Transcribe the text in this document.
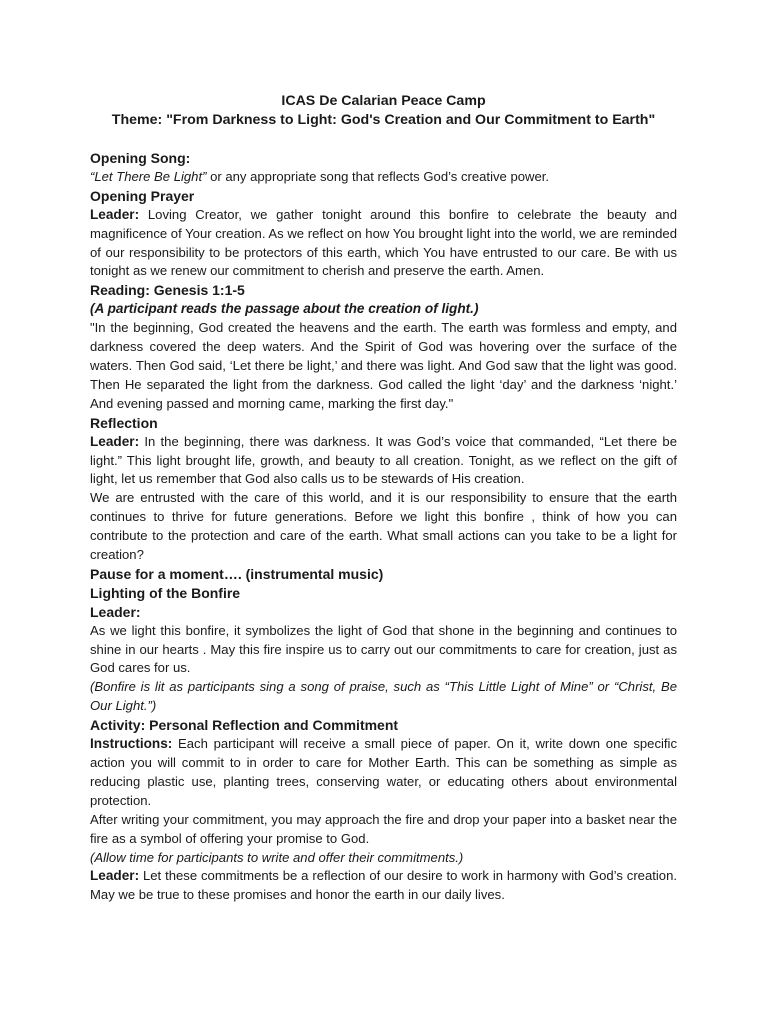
ICAS De Calarian Peace Camp
Theme: "From Darkness to Light: God's Creation and Our Commitment to Earth"

Opening Song:

“Let There Be Light” or any appropriate song that reflects God’s creative power.

Opening Prayer

Leader: Loving Creator, we gather tonight around this bonfire to celebrate the beauty and magnificence of Your creation. As we reflect on how You brought light into the world, we are reminded of our responsibility to be protectors of this earth, which You have entrusted to our care. Be with us tonight as we renew our commitment to cherish and preserve the earth. Amen.

Reading: Genesis 1:1-5

(A participant reads the passage about the creation of light.)

"In the beginning, God created the heavens and the earth. The earth was formless and empty, and darkness covered the deep waters. And the Spirit of God was hovering over the surface of the waters. Then God said, ‘Let there be light,’ and there was light. And God saw that the light was good. Then He separated the light from the darkness. God called the light ‘day’ and the darkness ‘night.’ And evening passed and morning came, marking the first day."

Reflection

Leader: In the beginning, there was darkness. It was God’s voice that commanded, “Let there be light.” This light brought life, growth, and beauty to all creation. Tonight, as we reflect on the gift of light, let us remember that God also calls us to be stewards of His creation.

We are entrusted with the care of this world, and it is our responsibility to ensure that the earth continues to thrive for future generations. Before we light this bonfire , think of how you can contribute to the protection and care of the earth. What small actions can you take to be a light for creation?

Pause for a moment…. (instrumental music)

Lighting of the Bonfire

Leader:

As we light this bonfire, it symbolizes the light of God that shone in the beginning and continues to shine in our hearts . May this fire inspire us to carry out our commitments to care for creation, just as God cares for us.

(Bonfire is lit as participants sing a song of praise, such as “This Little Light of Mine” or “Christ, Be Our Light.”)

Activity: Personal Reflection and Commitment

Instructions: Each participant will receive a small piece of paper. On it, write down one specific action you will commit to in order to care for Mother Earth. This can be something as simple as reducing plastic use, planting trees, conserving water, or educating others about environmental protection.

After writing your commitment, you may approach the fire and drop your paper into a basket near the fire as a symbol of offering your promise to God.

(Allow time for participants to write and offer their commitments.)

Leader: Let these commitments be a reflection of our desire to work in harmony with God’s creation. May we be true to these promises and honor the earth in our daily lives.
